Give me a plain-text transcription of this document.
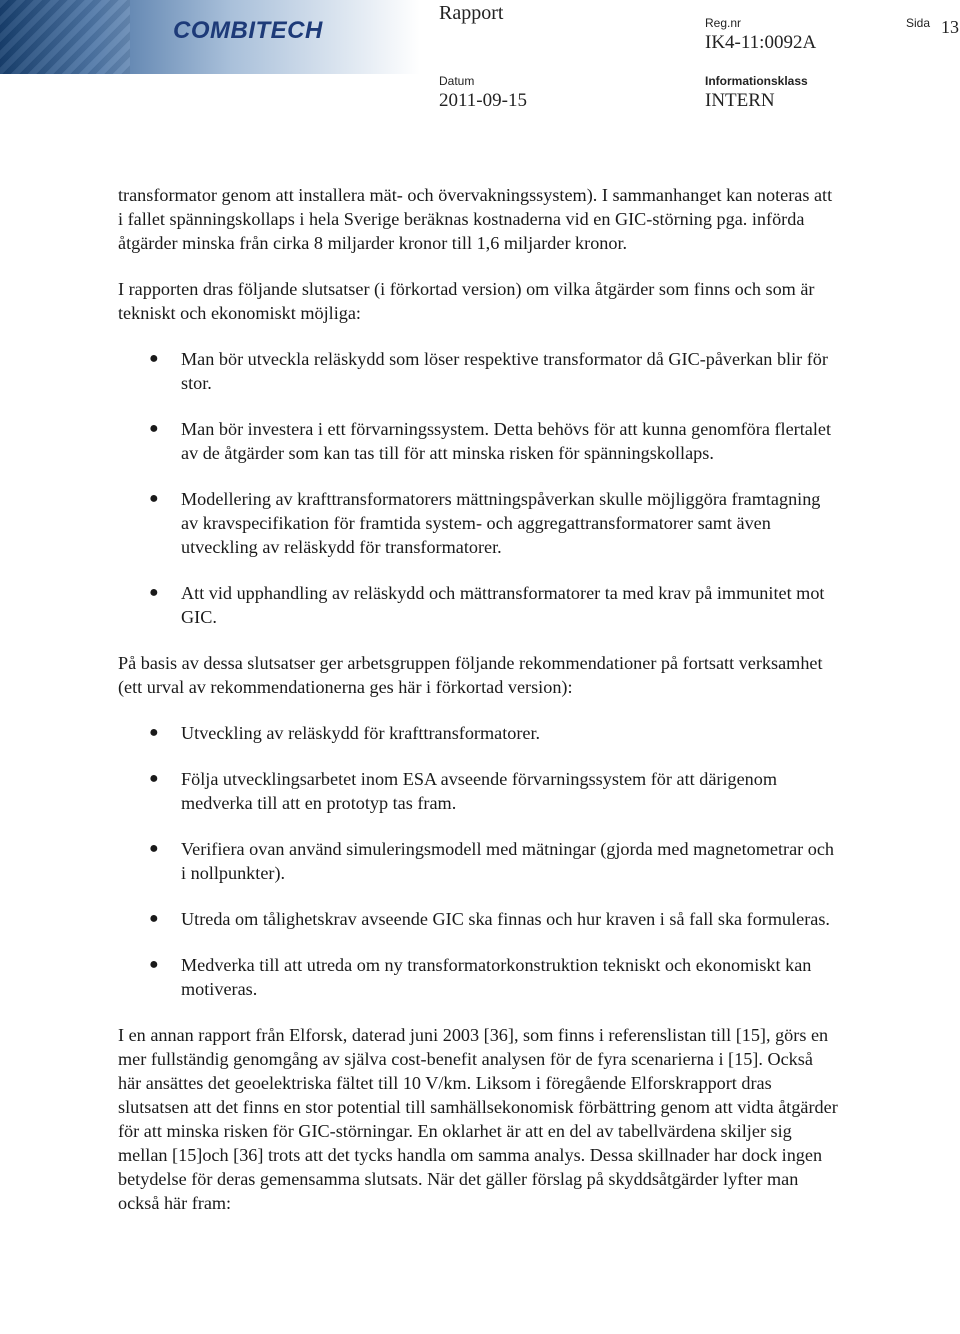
COMBITECH
Rapport	Reg.nr
IK4-11:0092A
Sida 13
Datum
2011-09-15
Informationsklass
INTERN

transformator genom att installera mät- och övervakningssystem). I sammanhanget kan noteras att i fallet spänningskollaps i hela Sverige beräknas kostnaderna vid en GIC-störning pga. införda åtgärder minska från cirka 8 miljarder kronor till 1,6 miljarder kronor.

I rapporten dras följande slutsatser (i förkortad version) om vilka åtgärder som finns och som är tekniskt och ekonomiskt möjliga:

● Man bör utveckla reläskydd som löser respektive transformator då GIC-påverkan blir för stor.
● Man bör investera i ett förvarningssystem. Detta behövs för att kunna genomföra flertalet av de åtgärder som kan tas till för att minska risken för spänningskollaps.
● Modellering av krafttransformatorers mättningspåverkan skulle möjliggöra framtagning av kravspecifikation för framtida system- och aggregattransformatorer samt även utveckling av reläskydd för transformatorer.
● Att vid upphandling av reläskydd och mättransformatorer ta med krav på immunitet mot GIC.

På basis av dessa slutsatser ger arbetsgruppen följande rekommendationer på fortsatt verksamhet (ett urval av rekommendationerna ges här i förkortad version):

● Utveckling av reläskydd för krafttransformatorer.
● Följa utvecklingsarbetet inom ESA avseende förvarningssystem för att därigenom medverka till att en prototyp tas fram.
● Verifiera ovan använd simuleringsmodell med mätningar (gjorda med magnetometrar och i nollpunkter).
● Utreda om tålighetskrav avseende GIC ska finnas och hur kraven i så fall ska formuleras.
● Medverka till att utreda om ny transformatorkonstruktion tekniskt och ekonomiskt kan motiveras.

I en annan rapport från Elforsk, daterad juni 2003 [36], som finns i referenslistan till [15], görs en mer fullständig genomgång av själva cost-benefit analysen för de fyra scenarierna i [15]. Också här ansättes det geoelektriska fältet till 10 V/km. Liksom i föregående Elforskrapport dras slutsatsen att det finns en stor potential till samhällsekonomisk förbättring genom att vidta åtgärder för att minska risken för GIC-störningar. En oklarhet är att en del av tabellvärdena skiljer sig mellan [15]och [36] trots att det tycks handla om samma analys. Dessa skillnader har dock ingen betydelse för deras gemensamma slutsats. När det gäller förslag på skyddsåtgärder lyfter man också här fram:
